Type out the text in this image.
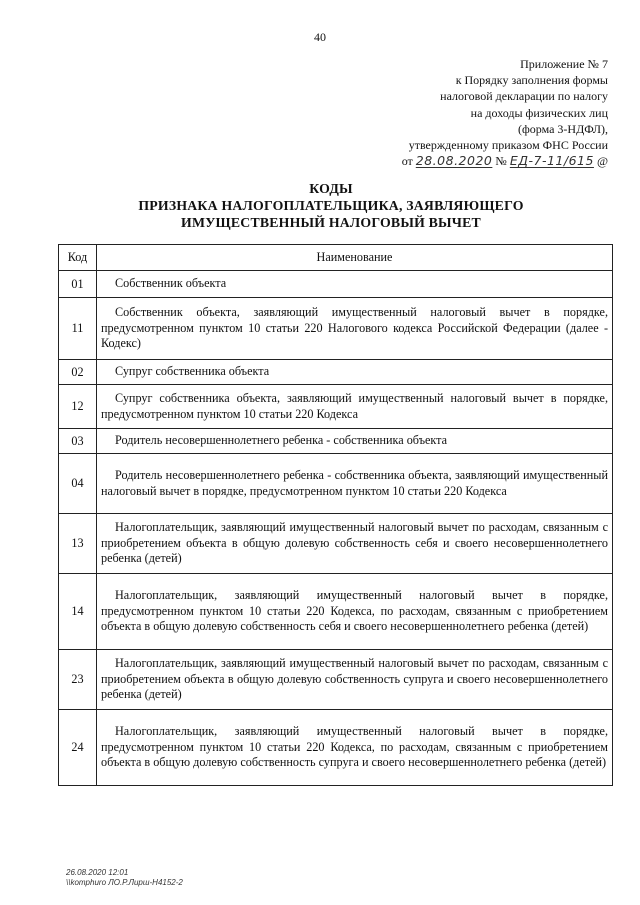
40
Приложение № 7
к Порядку заполнения формы
налоговой декларации по налогу
на доходы физических лиц
(форма 3-НДФЛ),
утвержденному приказом ФНС России
от 28.08.2020 № ЕД-7-11/615 @
КОДЫ
ПРИЗНАКА НАЛОГОПЛАТЕЛЬЩИКА, ЗАЯВЛЯЮЩЕГО
ИМУЩЕСТВЕННЫЙ НАЛОГОВЫЙ ВЫЧЕТ
Код	Наименование
01	Собственник объекта
11	Собственник объекта, заявляющий имущественный налоговый вычет в порядке, предусмотренном пунктом 10 статьи 220 Налогового кодекса Российской Федерации (далее - Кодекс)
02	Супруг собственника объекта
12	Супруг собственника объекта, заявляющий имущественный налоговый вычет в порядке, предусмотренном пунктом 10 статьи 220 Кодекса
03	Родитель несовершеннолетнего ребенка - собственника объекта
04	Родитель несовершеннолетнего ребенка - собственника объекта, заявляющий имущественный налоговый вычет в порядке, предусмотренном пунктом 10 статьи 220 Кодекса
13	Налогоплательщик, заявляющий имущественный налоговый вычет по расходам, связанным с приобретением объекта в общую долевую собственность себя и своего несовершеннолетнего ребенка (детей)
14	Налогоплательщик, заявляющий имущественный налоговый вычет в порядке, предусмотренном пунктом 10 статьи 220 Кодекса, по расходам, связанным с приобретением объекта в общую долевую собственность себя и своего несовершеннолетнего ребенка (детей)
23	Налогоплательщик, заявляющий имущественный налоговый вычет по расходам, связанным с приобретением объекта в общую долевую собственность супруга и своего несовершеннолетнего ребенка (детей)
24	Налогоплательщик, заявляющий имущественный налоговый вычет в порядке, предусмотренном пунктом 10 статьи 220 Кодекса, по расходам, связанным с приобретением объекта в общую долевую собственность супруга и своего несовершеннолетнего ребенка (детей)
26.08.2020 12:01
\\komphuro ЛО.Р.Лирш-Н4152-2
